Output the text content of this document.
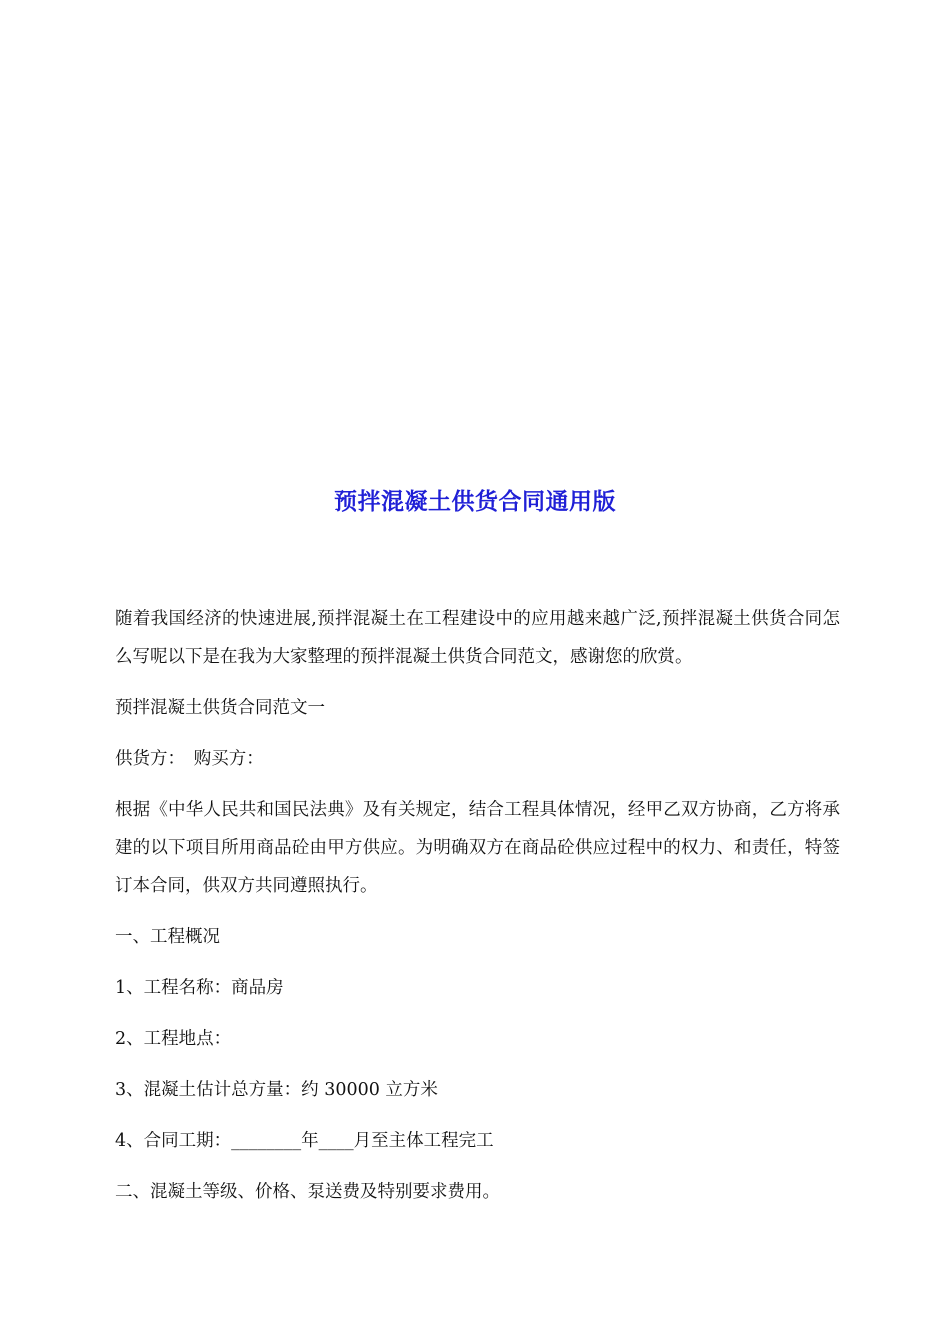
预拌混凝土供货合同通用版

随着我国经济的快速进展,预拌混凝土在工程建设中的应用越来越广泛,预拌混凝土供货合同怎么写呢以下是在我为大家整理的预拌混凝土供货合同范文，感谢您的欣赏。

预拌混凝土供货合同范文一

供货方：　购买方：

根据《中华人民共和国民法典》及有关规定，结合工程具体情况，经甲乙双方协商，乙方将承建的以下项目所用商品砼由甲方供应。为明确双方在商品砼供应过程中的权力、和责任，特签订本合同，供双方共同遵照执行。

一、工程概况

1、工程名称：商品房

2、工程地点：

3、混凝土估计总方量：约 30000 立方米

4、合同工期：________年____月至主体工程完工

二、混凝土等级、价格、泵送费及特别要求费用。
